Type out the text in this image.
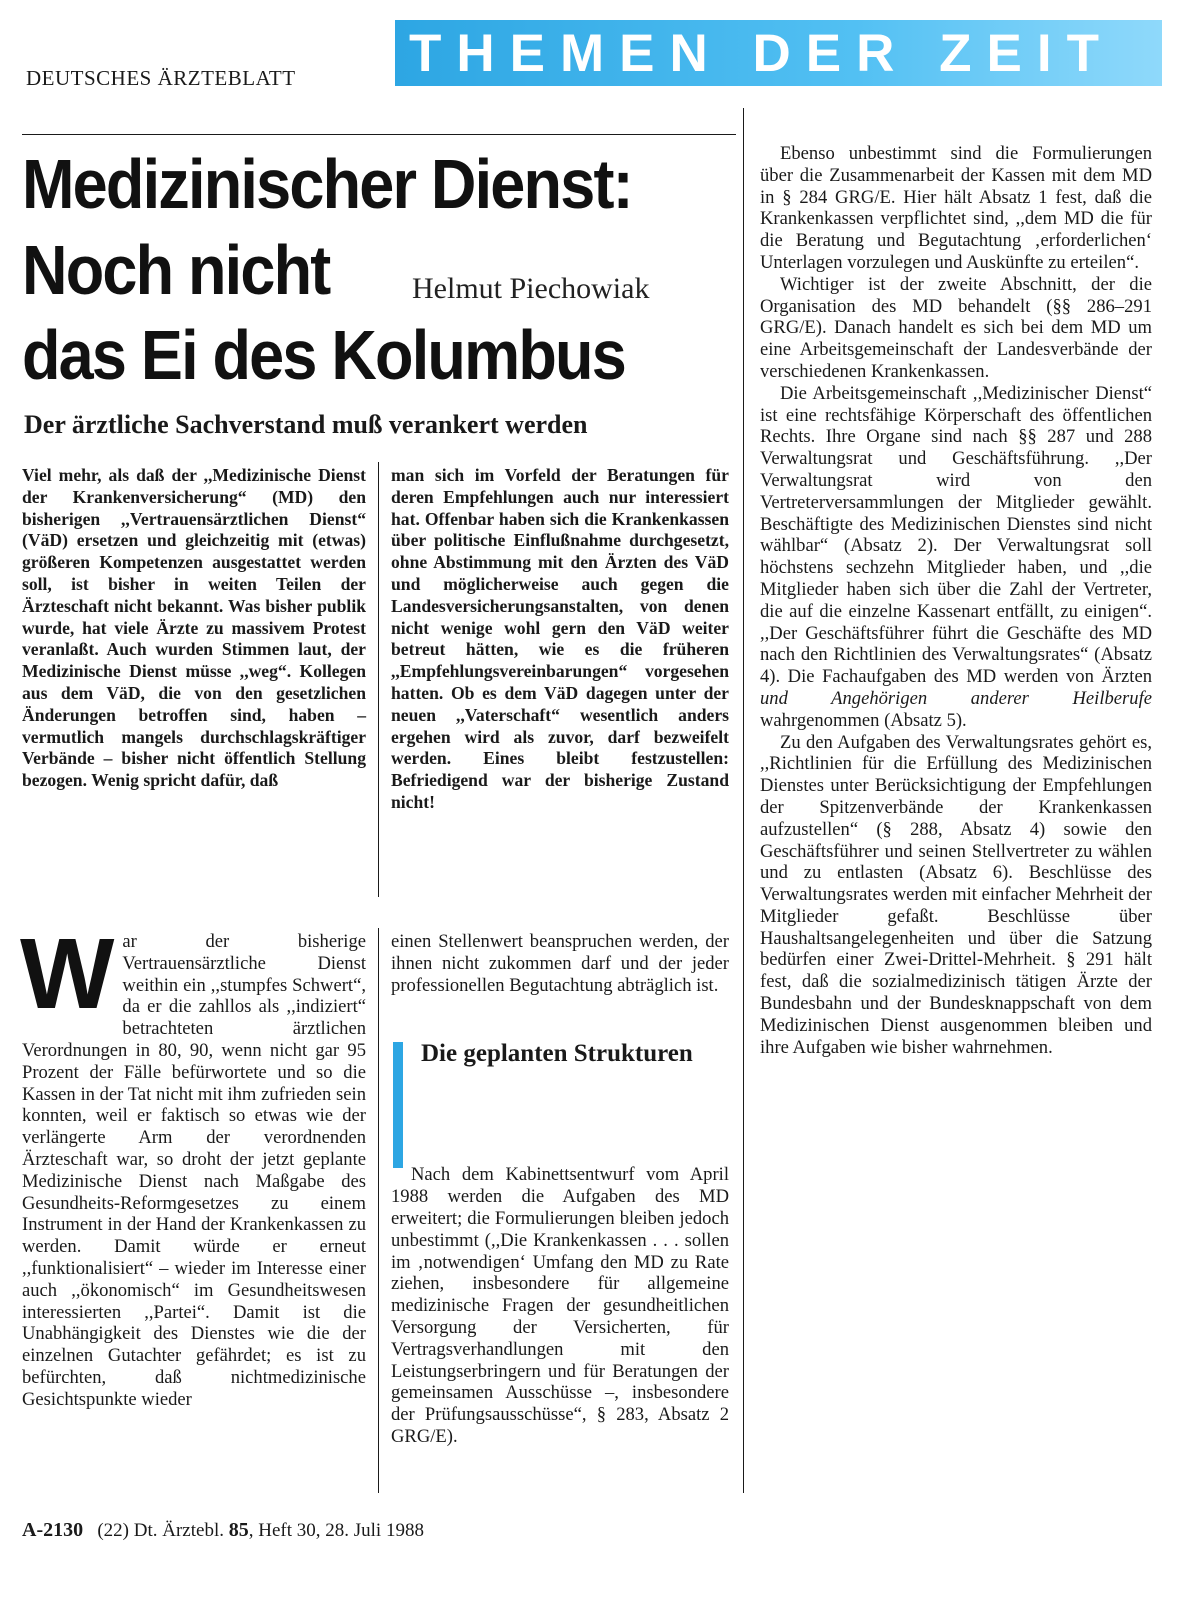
DEUTSCHES ÄRZTEBLATT THEMEN DER ZEIT
Medizinischer Dienst:
Noch nicht
das Ei des Kolumbus
Helmut Piechowiak
Der ärztliche Sachverstand muß verankert werden

Viel mehr, als daß der ,,Medizinische Dienst der Krankenversicherung“ (MD) den bisherigen ,,Vertrauensärztlichen Dienst“ (VäD) ersetzen und gleichzeitig mit (etwas) größeren Kompetenzen ausgestattet werden soll, ist bisher in weiten Teilen der Ärzteschaft nicht bekannt. Was bisher publik wurde, hat viele Ärzte zu massivem Protest veranlaßt. Auch wurden Stimmen laut, der Medizinische Dienst müsse ,,weg“. Kollegen aus dem VäD, die von den gesetzlichen Änderungen betroffen sind, haben – vermutlich mangels durchschlagskräftiger Verbände – bisher nicht öffentlich Stellung bezogen. Wenig spricht dafür, daß

man sich im Vorfeld der Beratungen für deren Empfehlungen auch nur interessiert hat. Offenbar haben sich die Krankenkassen über politische Einflußnahme durchgesetzt, ohne Abstimmung mit den Ärzten des VäD und möglicherweise auch gegen die Landesversicherungsanstalten, von denen nicht wenige wohl gern den VäD weiter betreut hätten, wie es die früheren ,,Empfehlungsvereinbarungen“ vorgesehen hatten. Ob es dem VäD dagegen unter der neuen ,,Vaterschaft“ wesentlich anders ergehen wird als zuvor, darf bezweifelt werden. Eines bleibt festzustellen: Befriedigend war der bisherige Zustand nicht!

War der bisherige Vertrauensärztliche Dienst weithin ein ,,stumpfes Schwert“, da er die zahllos als ,,indiziert“ betrachteten ärztlichen Verordnungen in 80, 90, wenn nicht gar 95 Prozent der Fälle befürwortete und so die Kassen in der Tat nicht mit ihm zufrieden sein konnten, weil er faktisch so etwas wie der verlängerte Arm der verordnenden Ärzteschaft war, so droht der jetzt geplante Medizinische Dienst nach Maßgabe des Gesundheits-Reformgesetzes zu einem Instrument in der Hand der Krankenkassen zu werden. Damit würde er erneut ,,funktionalisiert“ – wieder im Interesse einer auch ,,ökonomisch“ im Gesundheitswesen interessierten ,,Partei“. Damit ist die Unabhängigkeit des Dienstes wie die der einzelnen Gutachter gefährdet; es ist zu befürchten, daß nichtmedizinische Gesichtspunkte wieder

einen Stellenwert beanspruchen werden, der ihnen nicht zukommen darf und der jeder professionellen Begutachtung abträglich ist.

Die geplanten Strukturen

Nach dem Kabinettsentwurf vom April 1988 werden die Aufgaben des MD erweitert; die Formulierungen bleiben jedoch unbestimmt (,,Die Krankenkassen . . . sollen im ‚notwendigen‘ Umfang den MD zu Rate ziehen, insbesondere für allgemeine medizinische Fragen der gesundheitlichen Versorgung der Versicherten, für Vertragsverhandlungen mit den Leistungserbringern und für Beratungen der gemeinsamen Ausschüsse –, insbesondere der Prüfungsausschüsse“, § 283, Absatz 2 GRG/E).

Ebenso unbestimmt sind die Formulierungen über die Zusammenarbeit der Kassen mit dem MD in § 284 GRG/E. Hier hält Absatz 1 fest, daß die Krankenkassen verpflichtet sind, ,,dem MD die für die Beratung und Begutachtung ‚erforderlichen‘ Unterlagen vorzulegen und Auskünfte zu erteilen“.

Wichtiger ist der zweite Abschnitt, der die Organisation des MD behandelt (§§ 286–291 GRG/E). Danach handelt es sich bei dem MD um eine Arbeitsgemeinschaft der Landesverbände der verschiedenen Krankenkassen.

Die Arbeitsgemeinschaft ,,Medizinischer Dienst“ ist eine rechtsfähige Körperschaft des öffentlichen Rechts. Ihre Organe sind nach §§ 287 und 288 Verwaltungsrat und Geschäftsführung. ,,Der Verwaltungsrat wird von den Vertreterversammlungen der Mitglieder gewählt. Beschäftigte des Medizinischen Dienstes sind nicht wählbar“ (Absatz 2). Der Verwaltungsrat soll höchstens sechzehn Mitglieder haben, und ,,die Mitglieder haben sich über die Zahl der Vertreter, die auf die einzelne Kassenart entfällt, zu einigen“. ,,Der Geschäftsführer führt die Geschäfte des MD nach den Richtlinien des Verwaltungsrates“ (Absatz 4). Die Fachaufgaben des MD werden von Ärzten und Angehörigen anderer Heilberufe wahrgenommen (Absatz 5).

Zu den Aufgaben des Verwaltungsrates gehört es, ,,Richtlinien für die Erfüllung des Medizinischen Dienstes unter Berücksichtigung der Empfehlungen der Spitzenverbände der Krankenkassen aufzustellen“ (§ 288, Absatz 4) sowie den Geschäftsführer und seinen Stellvertreter zu wählen und zu entlasten (Absatz 6). Beschlüsse des Verwaltungsrates werden mit einfacher Mehrheit der Mitglieder gefaßt. Beschlüsse über Haushaltsangelegenheiten und über die Satzung bedürfen einer Zwei-Drittel-Mehrheit. § 291 hält fest, daß die sozialmedizinisch tätigen Ärzte der Bundesbahn und der Bundesknappschaft von dem Medizinischen Dienst ausgenommen bleiben und ihre Aufgaben wie bisher wahrnehmen.

A-2130 (22) Dt. Ärztebl. 85, Heft 30, 28. Juli 1988
